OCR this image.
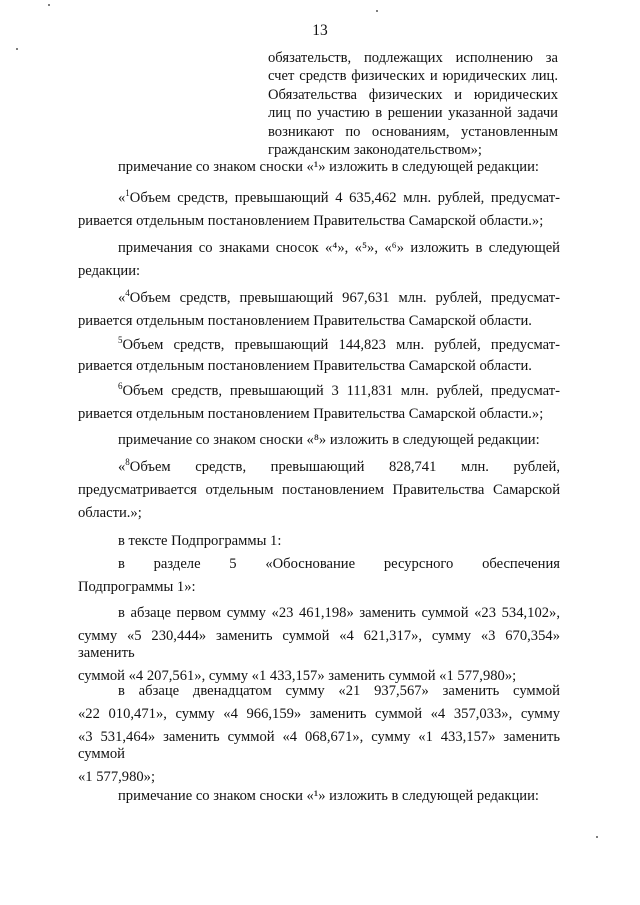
13
обязательств, подлежащих исполнению за
счет средств физических и юридических лиц.
Обязательства физических и юридических
лиц по участию в решении указанной задачи
возникают по основаниям, установленным
гражданским законодательством»;
примечание со знаком сноски «¹» изложить в следующей редакции:
«$^1$Объем средств, превышающий 4 635,462 млн. рублей, предусмат-
ривается отдельным постановлением Правительства Самарской области.»;
примечания со знаками сносок «⁴», «⁵», «⁶» изложить в следующей
редакции:
«$^4$Объем средств, превышающий 967,631 млн. рублей, предусмат-
ривается отдельным постановлением Правительства Самарской области.
$^5$Объем средств, превышающий 144,823 млн. рублей, предусмат-
ривается отдельным постановлением Правительства Самарской области.
$^6$Объем средств, превышающий 3 111,831 млн. рублей, предусмат-
ривается отдельным постановлением Правительства Самарской области.»;
примечание со знаком сноски «⁸» изложить в следующей редакции:
«$^8$Объем средств, превышающий 828,741 млн. рублей,
предусматривается отдельным постановлением Правительства Самарской
области.»;
в тексте Подпрограммы 1:
в разделе 5 «Обоснование ресурсного обеспечения
Подпрограммы 1»:
в абзаце первом сумму «23 461,198» заменить суммой «23 534,102»,
сумму «5 230,444» заменить суммой «4 621,317», сумму «3 670,354» заменить
суммой «4 207,561», сумму «1 433,157» заменить суммой «1 577,980»;
в абзаце двенадцатом сумму «21 937,567» заменить суммой
«22 010,471», сумму «4 966,159» заменить суммой «4 357,033», сумму
«3 531,464» заменить суммой «4 068,671», сумму «1 433,157» заменить суммой
«1 577,980»;
примечание со знаком сноски «¹» изложить в следующей редакции:
